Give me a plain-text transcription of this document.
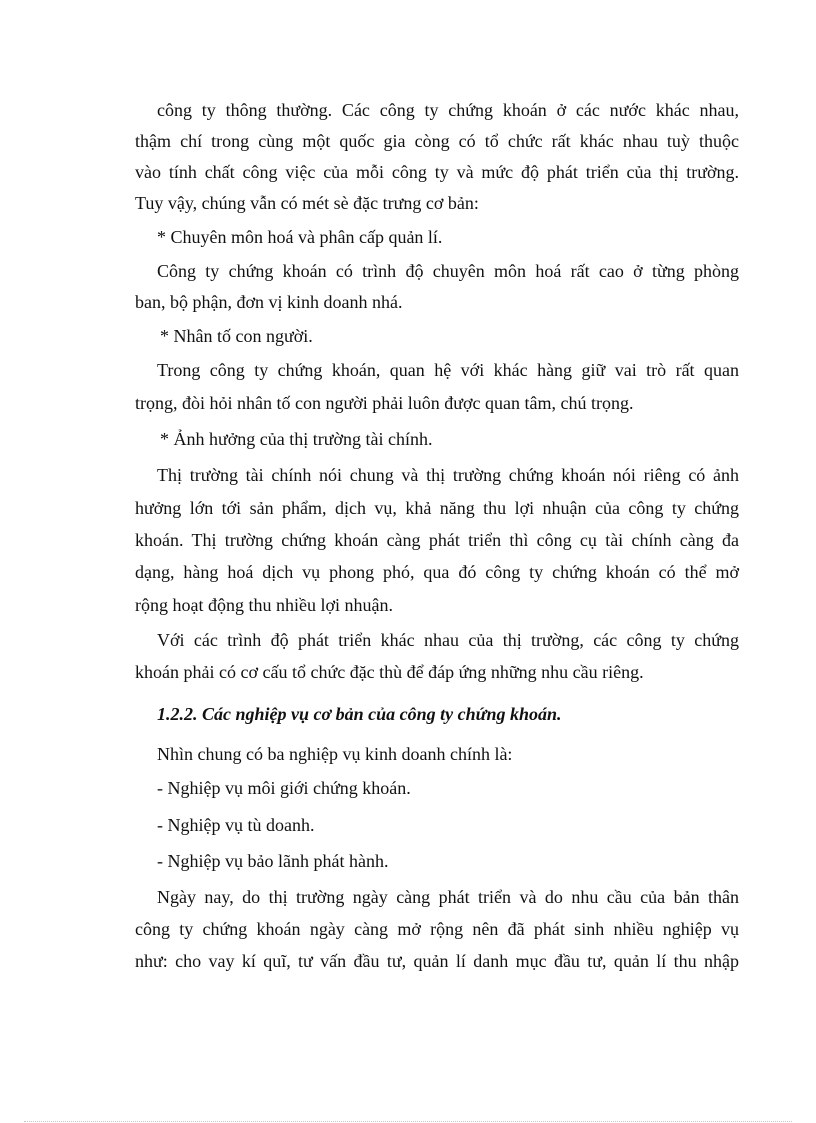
công ty thông thường. Các công ty chứng khoán ở các nước khác nhau,
thậm chí trong cùng một quốc gia còng có tổ chức rất khác nhau tuỳ thuộc
vào tính chất công việc của mỗi công ty và mức độ phát triển của thị trường.
Tuy vậy, chúng vẫn có mét sè đặc trưng cơ bản:
* Chuyên môn hoá và phân cấp quản lí.
Công ty chứng khoán có trình độ chuyên môn hoá rất cao ở từng phòng
ban, bộ phận, đơn vị kinh doanh nhá.
* Nhân tố con người.
Trong công ty chứng khoán, quan hệ với khác hàng giữ vai trò rất quan
trọng, đòi hỏi nhân tố con người phải luôn được quan tâm, chú trọng.
* Ảnh hưởng của thị trường tài chính.
Thị trường tài chính nói chung và thị trường chứng khoán nói riêng có ảnh
hưởng lớn tới sản phẩm, dịch vụ, khả năng thu lợi nhuận của công ty chứng
khoán. Thị trường chứng khoán càng phát triển thì công cụ tài chính càng đa
dạng, hàng hoá dịch vụ phong phó, qua đó công ty chứng khoán có thể mở
rộng hoạt động thu nhiều lợi nhuận.
Với các trình độ phát triển khác nhau của thị trường, các công ty chứng
khoán phải có cơ cấu tổ chức đặc thù để đáp ứng những nhu cầu riêng.
1.2.2. Các nghiệp vụ cơ bản của công ty chứng khoán.
Nhìn chung có ba nghiệp vụ kinh doanh chính là:
- Nghiệp vụ môi giới chứng khoán.
- Nghiệp vụ tù doanh.
- Nghiệp vụ bảo lãnh phát hành.
Ngày nay, do thị trường ngày càng phát triển và do nhu cầu của bản thân
công ty chứng khoán ngày càng mở rộng nên đã phát sinh nhiều nghiệp vụ
như: cho vay kí quĩ, tư vấn đầu tư, quản lí danh mục đầu tư, quản lí thu nhập
